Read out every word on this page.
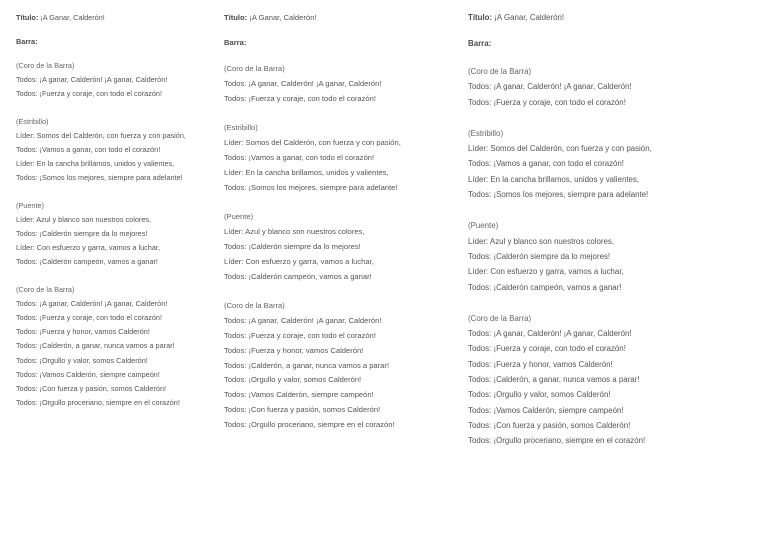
Título: ¡A Ganar, Calderón!
Barra:
(Coro de la Barra)
Todos: ¡A ganar, Calderón! ¡A ganar, Calderón!
Todos: ¡Fuerza y coraje, con todo el corazón!
(Estribillo)
Líder: Somos del Calderón, con fuerza y con pasión,
Todos: ¡Vamos a ganar, con todo el corazón!
Líder: En la cancha brillamos, unidos y valientes,
Todos: ¡Somos los mejores, siempre para adelante!
(Puente)
Líder: Azul y blanco son nuestros colores,
Todos: ¡Calderón siempre da lo mejores!
Líder: Con esfuerzo y garra, vamos a luchar,
Todos: ¡Calderón campeón, vamos a ganar!
(Coro de la Barra)
Todos: ¡A ganar, Calderón! ¡A ganar, Calderón!
Todos: ¡Fuerza y coraje, con todo el corazón!
Todos: ¡Fuerza y honor, vamos Calderón!
Todos: ¡Calderón, a ganar, nunca vamos a parar!
Todos: ¡Orgullo y valor, somos Calderón!
Todos: ¡Vamos Calderón, siempre campeón!
Todos: ¡Con fuerza y pasión, somos Calderón!
Todos: ¡Orgullo proceriano, siempre en el corazón!
Título: ¡A Ganar, Calderón!
Barra:
(Coro de la Barra)
Todos: ¡A ganar, Calderón! ¡A ganar, Calderón!
Todos: ¡Fuerza y coraje, con todo el corazón!
(Estribillo)
Líder: Somos del Calderón, con fuerza y con pasión,
Todos: ¡Vamos a ganar, con todo el corazón!
Líder: En la cancha brillamos, unidos y valientes,
Todos: ¡Somos los mejores, siempre para adelante!
(Puente)
Líder: Azul y blanco son nuestros colores,
Todos: ¡Calderón siempre da lo mejores!
Líder: Con esfuerzo y garra, vamos a luchar,
Todos: ¡Calderón campeón, vamos a ganar!
(Coro de la Barra)
Todos: ¡A ganar, Calderón! ¡A ganar, Calderón!
Todos: ¡Fuerza y coraje, con todo el corazón!
Todos: ¡Fuerza y honor, vamos Calderón!
Todos: ¡Calderón, a ganar, nunca vamos a parar!
Todos: ¡Orgullo y valor, somos Calderón!
Todos: ¡Vamos Calderón, siempre campeón!
Todos: ¡Con fuerza y pasión, somos Calderón!
Todos: ¡Orgullo proceriano, siempre en el corazón!
Título: ¡A Ganar, Calderón!
Barra:
(Coro de la Barra)
Todos: ¡A ganar, Calderón! ¡A ganar, Calderón!
Todos: ¡Fuerza y coraje, con todo el corazón!
(Estribillo)
Líder: Somos del Calderón, con fuerza y con pasión,
Todos: ¡Vamos a ganar, con todo el corazón!
Líder: En la cancha brillamos, unidos y valientes,
Todos: ¡Somos los mejores, siempre para adelante!
(Puente)
Líder: Azul y blanco son nuestros colores,
Todos: ¡Calderón siempre da lo mejores!
Líder: Con esfuerzo y garra, vamos a luchar,
Todos: ¡Calderón campeón, vamos a ganar!
(Coro de la Barra)
Todos: ¡A ganar, Calderón! ¡A ganar, Calderón!
Todos: ¡Fuerza y coraje, con todo el corazón!
Todos: ¡Fuerza y honor, vamos Calderón!
Todos: ¡Calderón, a ganar, nunca vamos a parar!
Todos: ¡Orgullo y valor, somos Calderón!
Todos: ¡Vamos Calderón, siempre campeón!
Todos: ¡Con fuerza y pasión, somos Calderón!
Todos: ¡Orgullo proceriano, siempre en el corazón!
